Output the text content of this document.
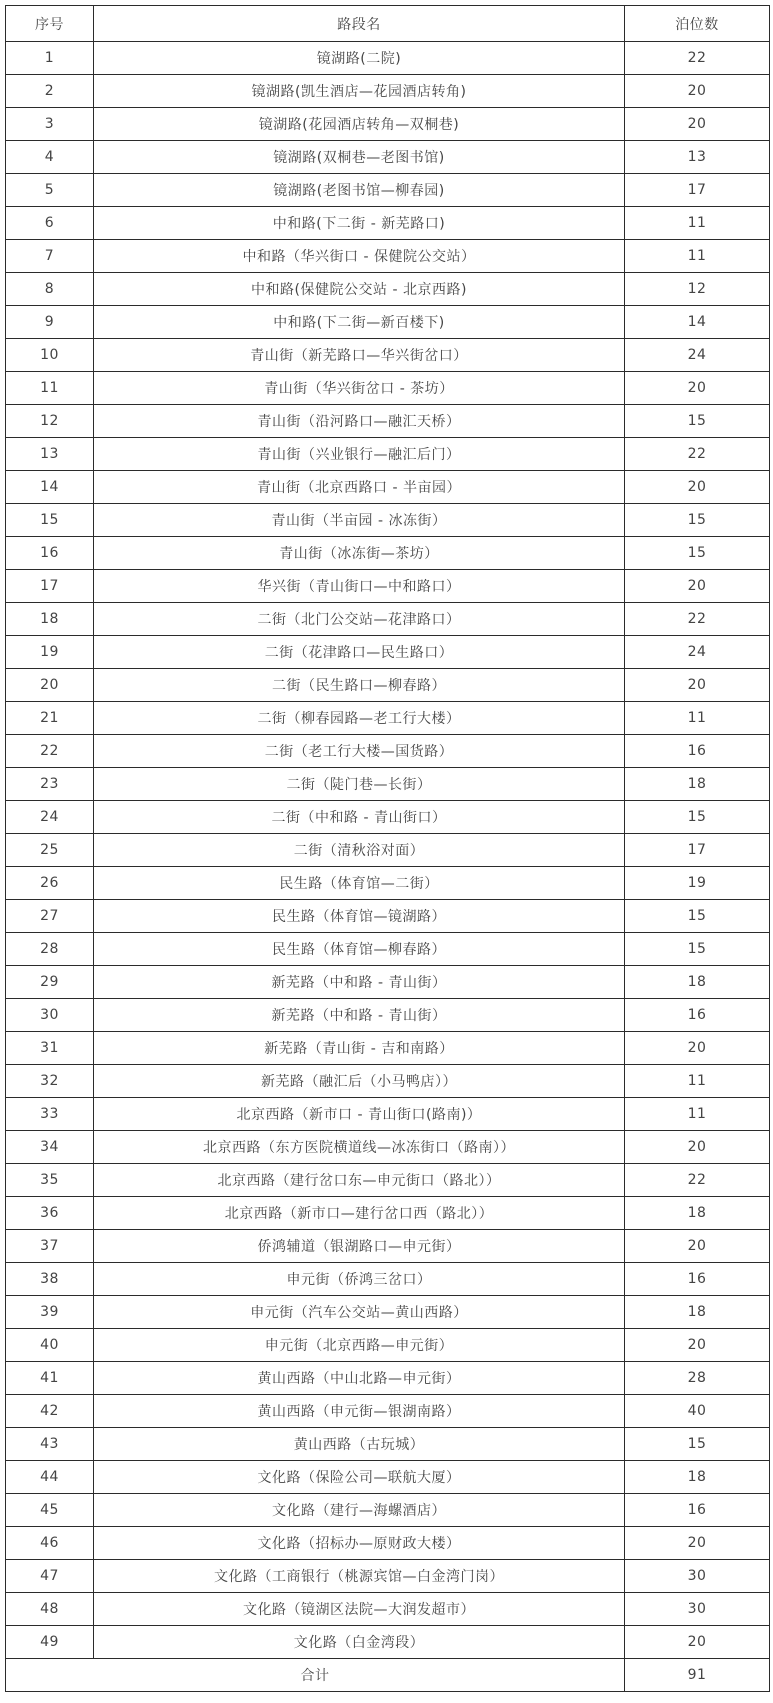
序号	路段名	泊位数
1	镜湖路(二院)	22
2	镜湖路(凯生酒店—花园酒店转角)	20
3	镜湖路(花园酒店转角—双桐巷)	20
4	镜湖路(双桐巷—老图书馆)	13
5	镜湖路(老图书馆—柳春园)	17
6	中和路(下二街 - 新芜路口)	11
7	中和路（华兴街口 - 保健院公交站）	11
8	中和路(保健院公交站 - 北京西路)	12
9	中和路(下二街—新百楼下)	14
10	青山街（新芜路口—华兴街岔口）	24
11	青山街（华兴街岔口 - 茶坊）	20
12	青山街（沿河路口—融汇天桥）	15
13	青山街（兴业银行—融汇后门）	22
14	青山街（北京西路口 - 半亩园）	20
15	青山街（半亩园 - 冰冻街）	15
16	青山街（冰冻街—茶坊）	15
17	华兴街（青山街口—中和路口）	20
18	二街（北门公交站—花津路口）	22
19	二街（花津路口—民生路口）	24
20	二街（民生路口—柳春路）	20
21	二街（柳春园路—老工行大楼）	11
22	二街（老工行大楼—国货路）	16
23	二街（陡门巷—长街）	18
24	二街（中和路 - 青山街口）	15
25	二街（清秋浴对面）	17
26	民生路（体育馆—二街）	19
27	民生路（体育馆—镜湖路）	15
28	民生路（体育馆—柳春路）	15
29	新芜路（中和路 - 青山街）	18
30	新芜路（中和路 - 青山街）	16
31	新芜路（青山街 - 吉和南路）	20
32	新芜路（融汇后（小马鸭店））	11
33	北京西路（新市口 - 青山街口(路南)）	11
34	北京西路（东方医院横道线—冰冻街口（路南））	20
35	北京西路（建行岔口东—申元街口（路北））	22
36	北京西路（新市口—建行岔口西（路北））	18
37	侨鸿辅道（银湖路口—申元街）	20
38	申元街（侨鸿三岔口）	16
39	申元街（汽车公交站—黄山西路）	18
40	申元街（北京西路—申元街）	20
41	黄山西路（中山北路—申元街）	28
42	黄山西路（申元街—银湖南路）	40
43	黄山西路（古玩城）	15
44	文化路（保险公司—联航大厦）	18
45	文化路（建行—海螺酒店）	16
46	文化路（招标办—原财政大楼）	20
47	文化路（工商银行（桃源宾馆—白金湾门岗）	30
48	文化路（镜湖区法院—大润发超市）	30
49	文化路（白金湾段）	20
合计		91
